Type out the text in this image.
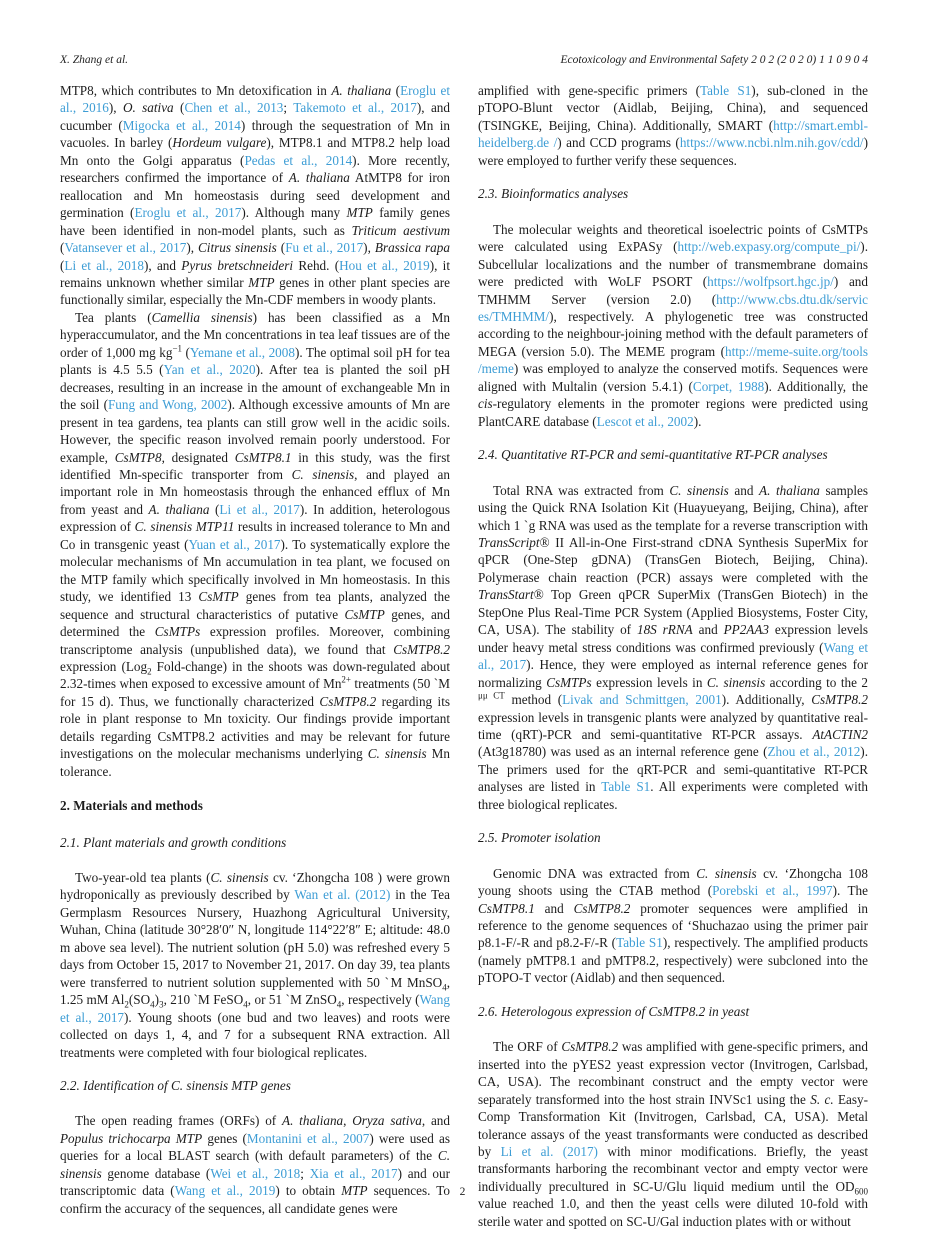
X. Zhang et al.	Ecotoxicology and Environmental Safety 2 0 2 (2 0 2 0) 1 1 0 9 0 4

MTP8, which contributes to Mn detoxification in A. thaliana (Eroglu et al., 2016), O. sativa (Chen et al., 2013; Takemoto et al., 2017), and cucumber (Migocka et al., 2014) through the sequestration of Mn in vacuoles. In barley (Hordeum vulgare), MTP8.1 and MTP8.2 help load Mn onto the Golgi apparatus (Pedas et al., 2014). More recently, researchers confirmed the importance of A. thaliana AtMTP8 for iron reallocation and Mn homeostasis during seed development and germination (Eroglu et al., 2017). Although many MTP family genes have been identified in non-model plants, such as Triticum aestivum (Vatansever et al., 2017), Citrus sinensis (Fu et al., 2017), Brassica rapa (Li et al., 2018), and Pyrus bretschneideri Rehd. (Hou et al., 2019), it remains unknown whether similar MTP genes in other plant species are functionally similar, especially the Mn-CDF members in woody plants.

Tea plants (Camellia sinensis) has been classified as a Mn hyperaccumulator, and the Mn concentrations in tea leaf tissues are of the order of 1,000 mg $kg^{-1}$ (Yemane et al., 2008). The optimal soil pH for tea plants is 4.5 5.5 (Yan et al., 2020). After tea is planted the soil pH decreases, resulting in an increase in the amount of exchangeable Mn in the soil (Fung and Wong, 2002). Although excessive amounts of Mn are present in tea gardens, tea plants can still grow well in the acidic soils. However, the specific reason involved remain poorly understood. For example, CsMTP8, designated CsMTP8.1 in this study, was the first identified Mn-specific transporter from C. sinensis, and played an important role in Mn homeostasis through the enhanced efflux of Mn from yeast and A. thaliana (Li et al., 2017). In addition, heterologous expression of C. sinensis MTP11 results in increased tolerance to Mn and Co in transgenic yeast (Yuan et al., 2017). To systematically explore the molecular mechanisms of Mn accumulation in tea plant, we focused on the MTP family which specifically involved in Mn homeostasis. In this study, we identified 13 CsMTP genes from tea plants, analyzed the sequence and structural characteristics of putative CsMTP genes, and determined the CsMTPs expression profiles. Moreover, combining transcriptome analysis (unpublished data), we found that CsMTP8.2 expression (Log$_2$ Fold-change) in the shoots was down-regulated about 2.32-times when exposed to excessive amount of $Mn^{2+}$ treatments (50 ˋM for 15 d). Thus, we functionally characterized CsMTP8.2 regarding its role in plant response to Mn toxicity. Our findings provide important details regarding CsMTP8.2 activities and may be relevant for future investigations on the molecular mechanisms underlying C. sinensis Mn tolerance.

2. Materials and methods
2.1. Plant materials and growth conditions

Two-year-old tea plants (C. sinensis cv. ‘Zhongcha 108 ) were grown hydroponically as previously described by Wan et al. (2012) in the Tea Germplasm Resources Nursery, Huazhong Agricultural University, Wuhan, China (latitude 30°28′0″ N, longitude 114°22′8″ E; altitude: 48.0 m above sea level). The nutrient solution (pH 5.0) was refreshed every 5 days from October 15, 2017 to November 21, 2017. On day 39, tea plants were transferred to nutrient solution supplemented with 50 ˋM MnSO$_4$, 1.25 mM $Al_2(SO_4)_3$, 210 ˋM FeSO$_4$, or 51 ˋM ZnSO$_4$, respectively (Wang et al., 2017). Young shoots (one bud and two leaves) and roots were collected on days 1, 4, and 7 for a subsequent RNA extraction. All treatments were completed with four biological replicates.

2.2. Identification of C. sinensis MTP genes

The open reading frames (ORFs) of A. thaliana, Oryza sativa, and Populus trichocarpa MTP genes (Montanini et al., 2007) were used as queries for a local BLAST search (with default parameters) of the C. sinensis genome database (Wei et al., 2018; Xia et al., 2017) and our transcriptomic data (Wang et al., 2019) to obtain MTP sequences. To confirm the accuracy of the sequences, all candidate genes were

amplified with gene-specific primers (Table S1), sub-cloned in the pTOPO-Blunt vector (Aidlab, Beijing, China), and sequenced (TSINGKE, Beijing, China). Additionally, SMART (http://smart.embl-heidelberg.de /) and CCD programs (https://www.ncbi.nlm.nih.gov/cdd/) were employed to further verify these sequences.

2.3. Bioinformatics analyses

The molecular weights and theoretical isoelectric points of CsMTPs were calculated using ExPASy (http://web.expasy.org/compute_pi/). Subcellular localizations and the number of transmembrane domains were predicted with WoLF PSORT (https://wolfpsort.hgc.jp/) and TMHMM Server (version 2.0) (http://www.cbs.dtu.dk/servic es/TMHMM/), respectively. A phylogenetic tree was constructed according to the neighbour-joining method with the default parameters of MEGA (version 5.0). The MEME program (http://meme-suite.org/tools /meme) was employed to analyze the conserved motifs. Sequences were aligned with Multalin (version 5.4.1) (Corpet, 1988). Additionally, the cis-regulatory elements in the promoter regions were predicted using PlantCARE database (Lescot et al., 2002).

2.4. Quantitative RT-PCR and semi-quantitative RT-PCR analyses

Total RNA was extracted from C. sinensis and A. thaliana samples using the Quick RNA Isolation Kit (Huayueyang, Beijing, China), after which 1 ˋg RNA was used as the template for a reverse transcription with TransScript® II All-in-One First-strand cDNA Synthesis SuperMix for qPCR (One-Step gDNA) (TransGen Biotech, Beijing, China). Polymerase chain reaction (PCR) assays were completed with the TransStart® Top Green qPCR SuperMix (TransGen Biotech) in the StepOne Plus Real-Time PCR System (Applied Biosystems, Foster City, CA, USA). The stability of 18S rRNA and PP2AA3 expression levels under heavy metal stress conditions was confirmed previously (Wang et al., 2017). Hence, they were employed as internal reference genes for normalizing CsMTPs expression levels in C. sinensis according to the 2 $^{\mu\mu CT}$ method (Livak and Schmittgen, 2001). Additionally, CsMTP8.2 expression levels in transgenic plants were analyzed by quantitative real-time (qRT)-PCR and semi-quantitative RT-PCR assays. AtACTIN2 (At3g18780) was used as an internal reference gene (Zhou et al., 2012). The primers used for the qRT-PCR and semi-quantitative RT-PCR analyses are listed in Table S1. All experiments were completed with three biological replicates.

2.5. Promoter isolation

Genomic DNA was extracted from C. sinensis cv. ‘Zhongcha 108 young shoots using the CTAB method (Porebski et al., 1997). The CsMTP8.1 and CsMTP8.2 promoter sequences were amplified in reference to the genome sequences of ‘Shuchazao using the primer pair p8.1-F/-R and p8.2-F/-R (Table S1), respectively. The amplified products (namely pMTP8.1 and pMTP8.2, respectively) were subcloned into the pTOPO-T vector (Aidlab) and then sequenced.

2.6. Heterologous expression of CsMTP8.2 in yeast

The ORF of CsMTP8.2 was amplified with gene-specific primers, and inserted into the pYES2 yeast expression vector (Invitrogen, Carlsbad, CA, USA). The recombinant construct and the empty vector were separately transformed into the host strain INVSc1 using the S. c. Easy-Comp Transformation Kit (Invitrogen, Carlsbad, CA, USA). Metal tolerance assays of the yeast transformants were conducted as described by Li et al. (2017) with minor modifications. Briefly, the yeast transformants harboring the recombinant vector and empty vector were individually precultured in SC-U/Glu liquid medium until the $OD_{600}$ value reached 1.0, and then the yeast cells were diluted 10-fold with sterile water and spotted on SC-U/Gal induction plates with or without

2
